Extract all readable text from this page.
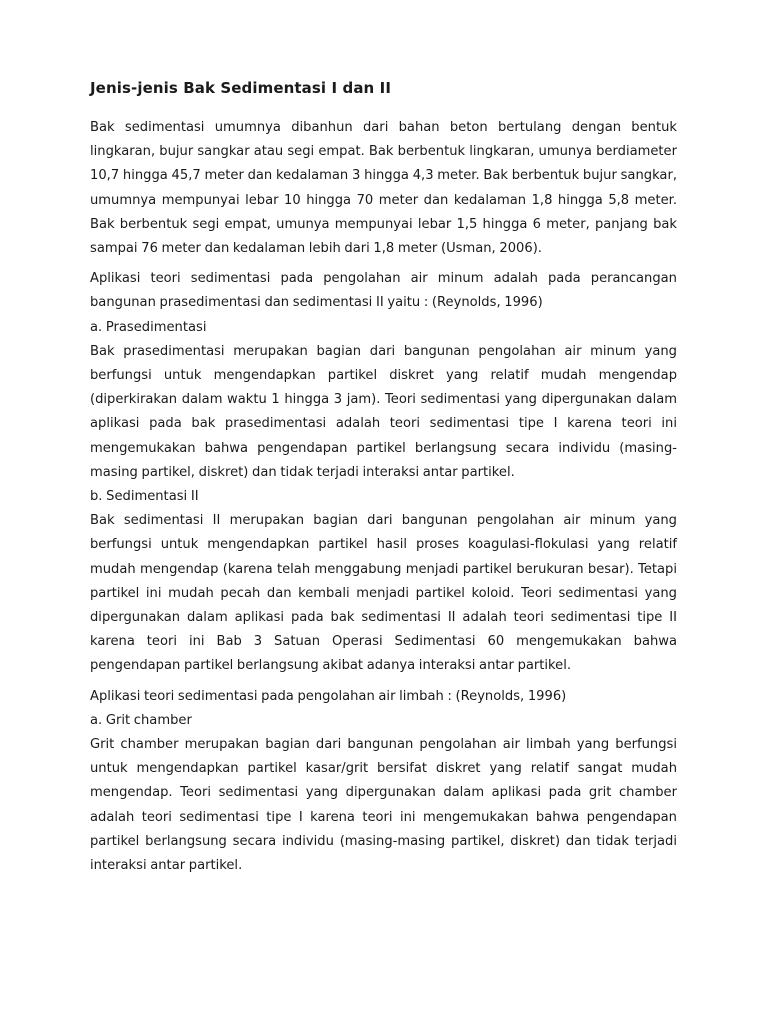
Jenis-jenis Bak Sedimentasi I dan II

Bak sedimentasi umumnya dibanhun dari bahan beton bertulang dengan bentuk lingkaran, bujur sangkar atau segi empat. Bak berbentuk lingkaran, umunya berdiameter 10,7 hingga 45,7 meter dan kedalaman 3 hingga 4,3 meter. Bak berbentuk bujur sangkar, umumnya mempunyai lebar 10 hingga 70 meter dan kedalaman 1,8 hingga 5,8 meter. Bak berbentuk segi empat, umunya mempunyai lebar 1,5 hingga 6 meter, panjang bak sampai 76 meter dan kedalaman lebih dari 1,8 meter (Usman, 2006).

Aplikasi teori sedimentasi pada pengolahan air minum adalah pada perancangan bangunan prasedimentasi dan sedimentasi II yaitu : (Reynolds, 1996)

a. Prasedimentasi

Bak prasedimentasi merupakan bagian dari bangunan pengolahan air minum yang berfungsi untuk mengendapkan partikel diskret yang relatif mudah mengendap (diperkirakan dalam waktu 1 hingga 3 jam). Teori sedimentasi yang dipergunakan dalam aplikasi pada bak prasedimentasi adalah teori sedimentasi tipe I karena teori ini mengemukakan bahwa pengendapan partikel berlangsung secara individu (masing-masing partikel, diskret) dan tidak terjadi interaksi antar partikel.

b. Sedimentasi II

Bak sedimentasi II merupakan bagian dari bangunan pengolahan air minum yang berfungsi untuk mengendapkan partikel hasil proses koagulasi-flokulasi yang relatif mudah mengendap (karena telah menggabung menjadi partikel berukuran besar). Tetapi partikel ini mudah pecah dan kembali menjadi partikel koloid. Teori sedimentasi yang dipergunakan dalam aplikasi pada bak sedimentasi II adalah teori sedimentasi tipe II karena teori ini Bab 3 Satuan Operasi Sedimentasi 60 mengemukakan bahwa pengendapan partikel berlangsung akibat adanya interaksi antar partikel.

Aplikasi teori sedimentasi pada pengolahan air limbah : (Reynolds, 1996)

a. Grit chamber

Grit chamber merupakan bagian dari bangunan pengolahan air limbah yang berfungsi untuk mengendapkan partikel kasar/grit bersifat diskret yang relatif sangat mudah mengendap. Teori sedimentasi yang dipergunakan dalam aplikasi pada grit chamber adalah teori sedimentasi tipe I karena teori ini mengemukakan bahwa pengendapan partikel berlangsung secara individu (masing-masing partikel, diskret) dan tidak terjadi interaksi antar partikel.
